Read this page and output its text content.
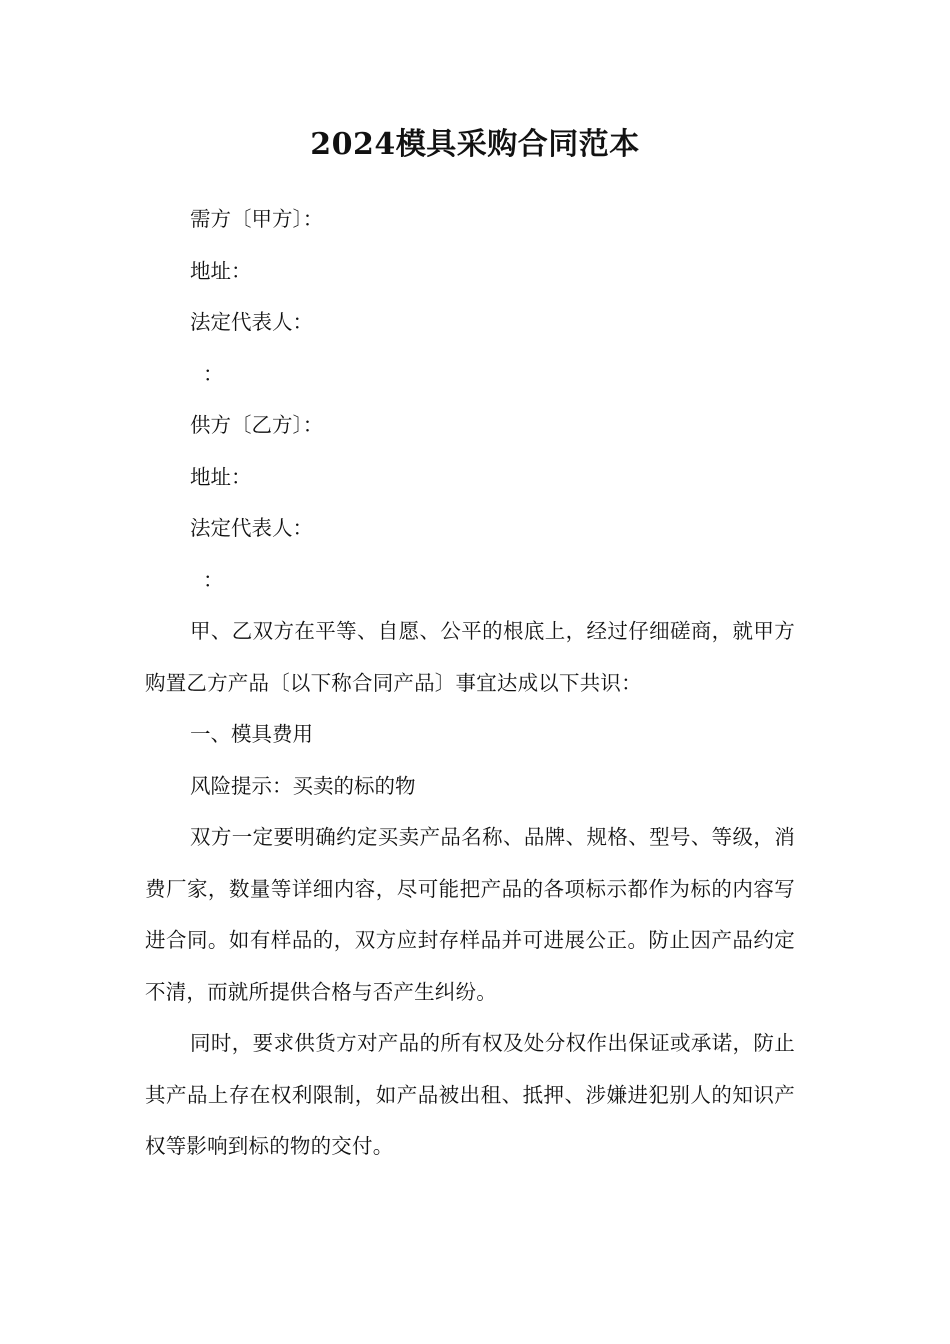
2024模具采购合同范本

需方〔甲方〕：

地址：

法定代表人：

：

供方〔乙方〕：

地址：

法定代表人：

：

甲、乙双方在平等、自愿、公平的根底上，经过仔细磋商，就甲方购置乙方产品〔以下称合同产品〕事宜达成以下共识：

一、模具费用

风险提示：买卖的标的物

双方一定要明确约定买卖产品名称、品牌、规格、型号、等级，消费厂家，数量等详细内容，尽可能把产品的各项标示都作为标的内容写进合同。如有样品的，双方应封存样品并可进展公正。防止因产品约定不清，而就所提供合格与否产生纠纷。

同时，要求供货方对产品的所有权及处分权作出保证或承诺，防止其产品上存在权利限制，如产品被出租、抵押、涉嫌进犯别人的知识产权等影响到标的物的交付。
